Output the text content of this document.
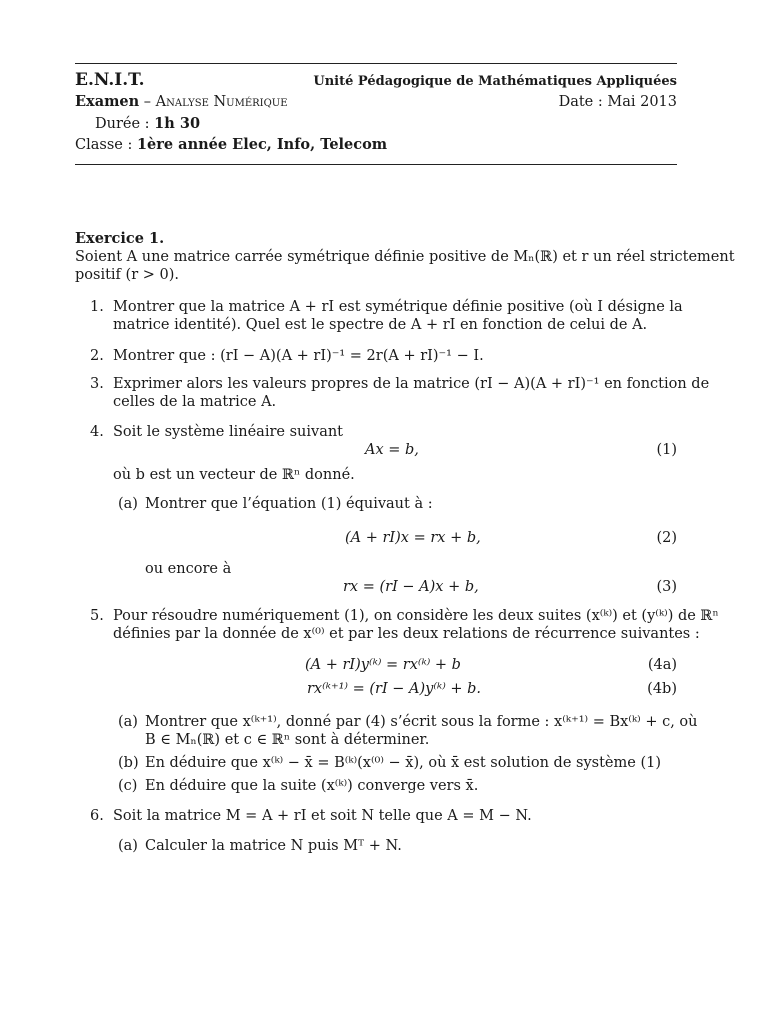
E.N.I.T.	Unité Pédagogique de Mathématiques Appliquées
Examen – Analyse Numérique	Date : Mai 2013
Durée : 1h 30
Classe : 1ère année Elec, Info, Telecom
Exercice 1.
Soient A une matrice carrée symétrique définie positive de Mₙ(ℝ) et r un réel strictement
positif (r > 0).
1. Montrer que la matrice A + rI est symétrique définie positive (où I désigne la
matrice identité). Quel est le spectre de A + rI en fonction de celui de A.
2. Montrer que : (rI − A)(A + rI)⁻¹ = 2r(A + rI)⁻¹ − I.
3. Exprimer alors les valeurs propres de la matrice (rI − A)(A + rI)⁻¹ en fonction de
celles de la matrice A.
4. Soit le système linéaire suivant
Ax = b,	(1)
où b est un vecteur de ℝⁿ donné.
(a) Montrer que l’équation (1) équivaut à :
(A + rI)x = rx + b,	(2)
ou encore à
rx = (rI − A)x + b,	(3)
5. Pour résoudre numériquement (1), on considère les deux suites (x⁽ᵏ⁾) et (y⁽ᵏ⁾) de ℝⁿ
définies par la donnée de x⁽⁰⁾ et par les deux relations de récurrence suivantes :
(A + rI)y⁽ᵏ⁾ = rx⁽ᵏ⁾ + b	(4a)
rx⁽ᵏ⁺¹⁾ = (rI − A)y⁽ᵏ⁾ + b.	(4b)
(a) Montrer que x⁽ᵏ⁺¹⁾, donné par (4) s’écrit sous la forme : x⁽ᵏ⁺¹⁾ = Bx⁽ᵏ⁾ + c, où
B ∈ Mₙ(ℝ) et c ∈ ℝⁿ sont à déterminer.
(b) En déduire que x⁽ᵏ⁾ − x̄ = B⁽ᵏ⁾(x⁽⁰⁾ − x̄), où x̄ est solution de système (1)
(c) En déduire que la suite (x⁽ᵏ⁾) converge vers x̄.
6. Soit la matrice M = A + rI et soit N telle que A = M − N.
(a) Calculer la matrice N puis Mᵀ + N.
